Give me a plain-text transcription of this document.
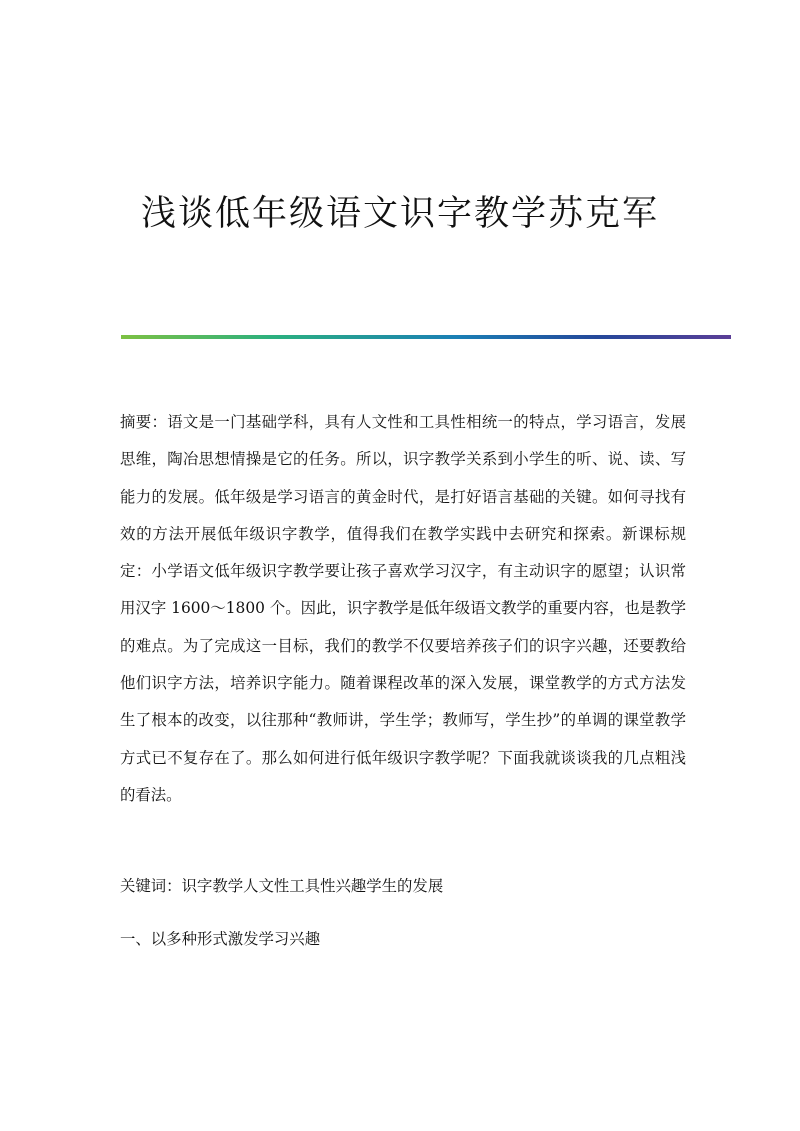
浅谈低年级语文识字教学苏克军

摘要：语文是一门基础学科，具有人文性和工具性相统一的特点，学习语言，发展思维，陶冶思想情操是它的任务。所以，识字教学关系到小学生的听、说、读、写能力的发展。低年级是学习语言的黄金时代，是打好语言基础的关键。如何寻找有效的方法开展低年级识字教学，值得我们在教学实践中去研究和探索。新课标规定：小学语文低年级识字教学要让孩子喜欢学习汉字，有主动识字的愿望；认识常用汉字 1600～1800 个。因此，识字教学是低年级语文教学的重要内容，也是教学的难点。为了完成这一目标，我们的教学不仅要培养孩子们的识字兴趣，还要教给他们识字方法，培养识字能力。随着课程改革的深入发展，课堂教学的方式方法发生了根本的改变，以往那种“教师讲，学生学；教师写，学生抄”的单调的课堂教学方式已不复存在了。那么如何进行低年级识字教学呢？下面我就谈谈我的几点粗浅的看法。

关键词：识字教学人文性工具性兴趣学生的发展

一、以多种形式激发学习兴趣
